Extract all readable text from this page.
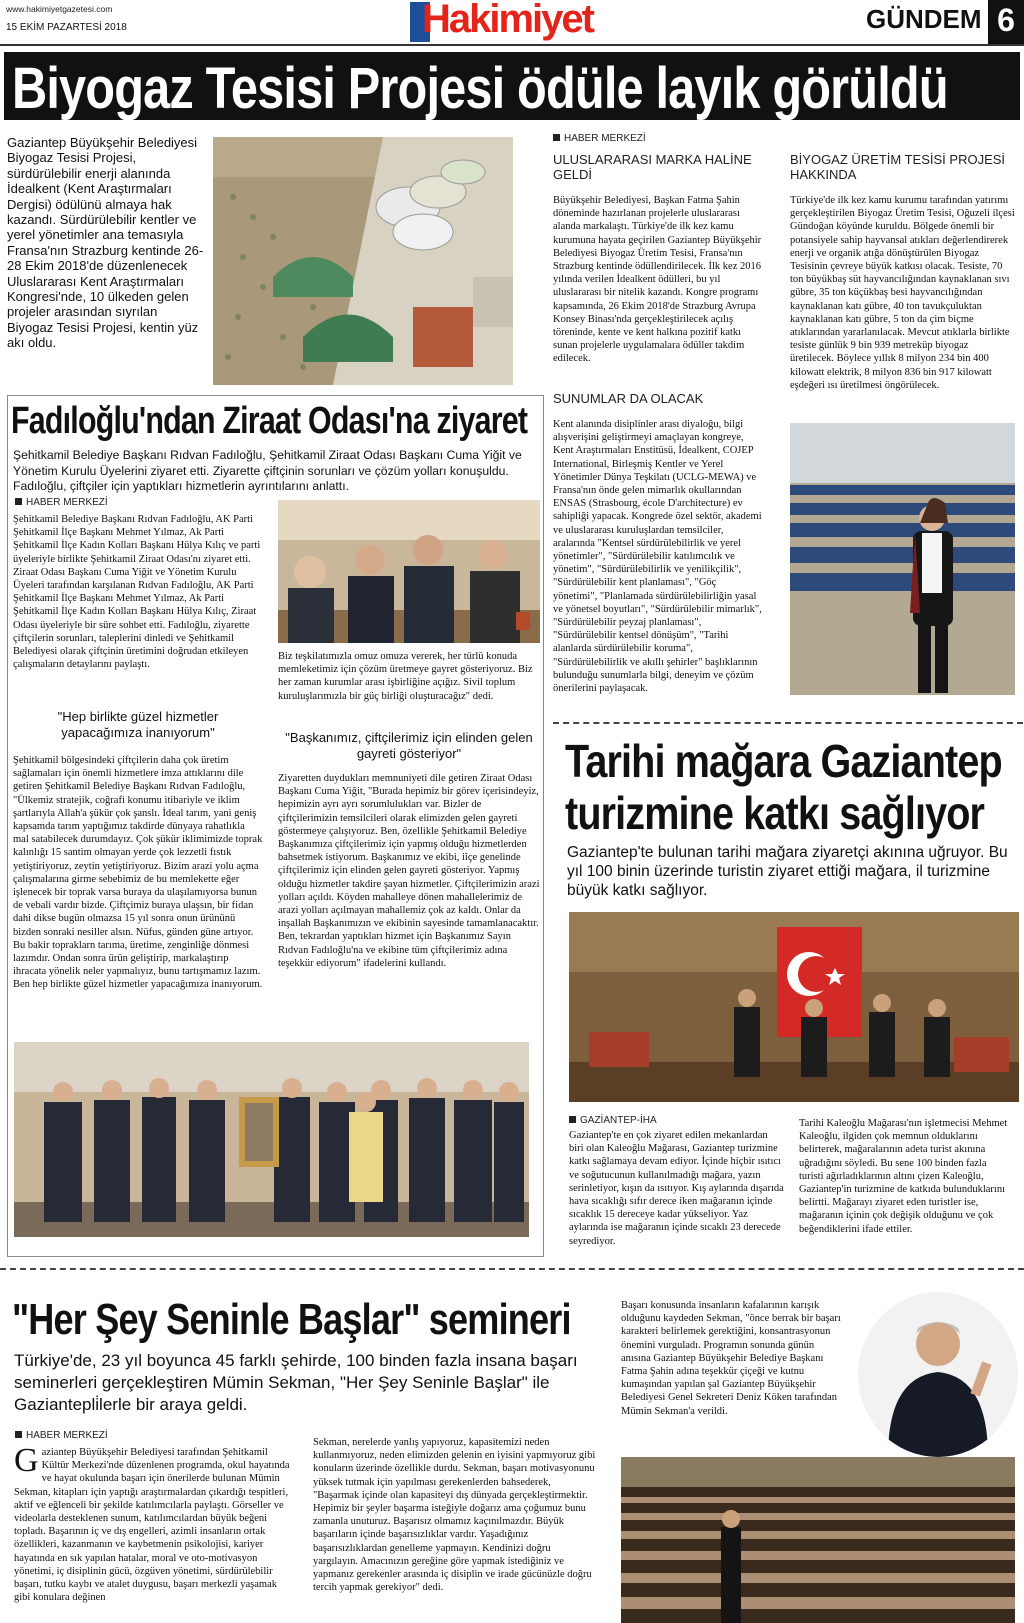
www.hakimiyetgazetesi.com
15 EKİM PAZARTESİ 2018	Hakimiyet	GÜNDEM 6
Biyogaz Tesisi Projesi ödüle layık görüldü
Gaziantep Büyükşehir Belediyesi Biyogaz Tesisi Projesi, sürdürülebilir enerji alanında İdealkent (Kent Araştırmaları Dergisi) ödülünü almaya hak kazandı. Sürdürülebilir kentler ve yerel yönetimler ana temasıyla Fransa'nın Strazburg kentinde 26-28 Ekim 2018'de düzenlenecek Uluslararası Kent Araştırmaları Kongresi'nde, 10 ülkeden gelen projeler arasından sıyrılan Biyogaz Tesisi Projesi, kentin yüz akı oldu.
HABER MERKEZİ
ULUSLARARASI MARKA HALİNE GELDİ
Büyükşehir Belediyesi, Başkan Fatma Şahin döneminde hazırlanan projelerle uluslararası alanda markalaştı. Türkiye'de ilk kez kamu kurumuna hayata geçirilen Gaziantep Büyükşehir Belediyesi Biyogaz Üretim Tesisi, Fransa'nın Strazburg kentinde ödüllendirilecek. İlk kez 2016 yılında verilen İdealkent ödülleri, bu yıl uluslararası bir nitelik kazandı. Kongre programı kapsamında, 26 Ekim 2018'de Strazburg Avrupa Konsey Binası'nda gerçekleştirilecek açılış töreninde, kente ve kent halkına pozitif katkı sunan projelerle uygulamalara ödüller takdim edilecek.
SUNUMLAR DA OLACAK
Kent alanında disiplinler arası diyaloğu, bilgi alışverişini geliştirmeyi amaçlayan kongreye, Kent Araştırmaları Enstitüsü, İdealkent, COJEP International, Birleşmiş Kentler ve Yerel Yönetimler Dünya Teşkilatı (UCLG-MEWA) ve Fransa'nın önde gelen mimarlık okullarından ENSAS (Strasbourg, école D'architecture) ev sahipliği yapacak. Kongrede özel sektör, akademi ve uluslararası kuruluşlardan temsilciler, aralarında "Kentsel sürdürülebilirlik ve yerel yönetimler", "Sürdürülebilir katılımcılık ve yönetim", "Sürdürülebilirlik ve yenilikçilik", "Sürdürülebilir kent planlaması", "Göç yönetimi", "Planlamada sürdürülebilirliğin yasal ve yönetsel boyutları", "Sürdürülebilir mimarlık", "Sürdürülebilir peyzaj planlaması", "Sürdürülebilir kentsel dönüşüm", "Tarihi alanlarda sürdürülebilir koruma", "Sürdürülebilirlik ve akıllı şehirler" başlıklarının bulunduğu sunumlarla bilgi, deneyim ve çözüm önerilerini paylaşacak.
BİYOGAZ ÜRETİM TESİSİ PROJESİ HAKKINDA
Türkiye'de ilk kez kamu kurumu tarafından yatırımı gerçekleştirilen Biyogaz Üretim Tesisi, Oğuzeli ilçesi Gündoğan köyünde kuruldu. Bölgede önemli bir potansiyele sahip hayvansal atıkları değerlendirerek enerji ve organik atığa dönüştürülen Biyogaz Tesisinin çevreye büyük katkısı olacak. Tesiste, 70 ton büyükbaş süt hayvancılığından kaynaklanan sıvı gübre, 35 ton küçükbaş besi hayvancılığından kaynaklanan katı gübre, 40 ton tavukçuluktan kaynaklanan katı gübre, 5 ton da çim biçme atıklarından yararlanılacak. Mevcut atıklarla birlikte tesiste günlük 9 bin 939 metreküp biyogaz üretilecek. Böylece yıllık 8 milyon 234 bin 400 kilowatt elektrik, 8 milyon 836 bin 917 kilowatt eşdeğeri ısı üretilmesi öngörülecek.
Fadıloğlu'ndan Ziraat Odası'na ziyaret
Şehitkamil Belediye Başkanı Rıdvan Fadıloğlu, Şehitkamil Ziraat Odası Başkanı Cuma Yiğit ve Yönetim Kurulu Üyelerini ziyaret etti. Ziyarette çiftçinin sorunları ve çözüm yolları konuşuldu. Fadıloğlu, çiftçiler için yaptıkları hizmetlerin ayrıntılarını anlattı.
HABER MERKEZİ
Şehitkamil Belediye Başkanı Rıdvan Fadıloğlu, AK Parti Şehitkamil İlçe Başkanı Mehmet Yılmaz, Ak Parti Şehitkamil İlçe Kadın Kolları Başkanı Hülya Kılıç ve parti üyeleriyle birlikte Şehitkamil Ziraat Odası'nı ziyaret etti. Ziraat Odası Başkanı Cuma Yiğit ve Yönetim Kurulu Üyeleri tarafından karşılanan Rıdvan Fadıloğlu, AK Parti Şehitkamil İlçe Başkanı Mehmet Yılmaz, Ak Parti Şehitkamil İlçe Kadın Kolları Başkanı Hülya Kılıç, Ziraat Odası üyeleriyle bir süre sohbet etti. Fadıloğlu, ziyarette çiftçilerin sorunları, taleplerini dinledi ve Şehitkamil Belediyesi olarak çiftçinin üretimini doğrudan etkileyen çalışmaların detaylarını paylaştı.
"Hep birlikte güzel hizmetler yapacağımıza inanıyorum"
Şehitkamil bölgesindeki çiftçilerin daha çok üretim sağlamaları için önemli hizmetlere imza attıklarını dile getiren Şehitkamil Belediye Başkanı Rıdvan Fadıloğlu, "Ülkemiz stratejik, coğrafi konumu itibariyle ve iklim şartlarıyla Allah'a şükür çok şanslı. İdeal tarım, yani geniş kapsamda tarım yaptığımız takdirde dünyaya rahatlıkla mal satabilecek durumdayız. Çok şükür iklimimizde toprak kalınlığı 15 santim olmayan yerde çok lezzetli fıstık yetiştiriyoruz, zeytin yetiştiriyoruz. Bizim arazi yolu açma çalışmalarına girme sebebimiz de bu memlekette eğer işlenecek bir toprak varsa buraya da ulaşılamıyorsa bunun de vebali vardır bizde. Çiftçimiz buraya ulaşsın, bir fidan dahi dikse bugün olmazsa 15 yıl sonra onun ürününü bizden sonraki nesiller alsın. Nüfus, günden güne artıyor. Bu bakir topraklarn tarıma, üretime, zenginliğe dönmesi lazımdır. Ondan sonra ürün geliştirip, markalaştırıp ihracata yönelik neler yapmalıyız, bunu tartışmamız lazım. Ben hep birlikte güzel hizmetler yapacağımıza inanıyorum.
Biz teşkilatımızla omuz omuza vererek, her türlü konuda memleketimiz için çözüm üretmeye gayret gösteriyoruz. Biz her zaman kurumlar arası işbirliğine açığız. Sivil toplum kuruluşlarımızla bir güç birliği oluşturacağız" dedi.
"Başkanımız, çiftçilerimiz için elinden gelen gayreti gösteriyor"
Ziyaretten duydukları memnuniyeti dile getiren Ziraat Odası Başkanı Cuma Yiğit, "Burada hepimiz bir görev içerisindeyiz, hepimizin ayrı ayrı sorumlulukları var. Bizler de çiftçilerimizin temsilcileri olarak elimizden gelen gayreti göstermeye çalışıyoruz. Ben, özellikle Şehitkamil Belediye Başkanımıza çiftçilerimiz için yapmış olduğu hizmetlerden bahsetmek istiyorum. Başkanımız ve ekibi, iîçe genelinde çiftçilerimiz için elinden gelen gayreti gösteriyor. Yapmış olduğu hizmetler takdire şayan hizmetler. Çiftçilerimizin arazi yolları açıldı. Köyden mahalleye dönen mahallelerimiz de arazi yolları açılmayan mahallemiz çok az kaldı. Onlar da inşallah Başkanımızın ve ekibinin sayesinde tamamlanacaktır. Ben, tekrardan yaptıkları hizmet için Başkanımız Sayın Rıdvan Fadıloğlu'na ve ekibine tüm çiftçilerimiz adına teşekkür ediyorum" ifadelerini kullandı.
Tarihi mağara Gaziantep
turizmine katkı sağlıyor
Gaziantep'te bulunan tarihi mağara ziyaretçi akınına uğruyor. Bu yıl 100 binin üzerinde turistin ziyaret ettiği mağara, il turizmine büyük katkı sağlıyor.
GAZİANTEP-İHA
Gaziantep'te en çok ziyaret edilen mekanlardan biri olan Kaleoğlu Mağarası, Gaziantep turizmine katkı sağlamaya devam ediyor. İçinde hiçbir ısıtıcı ve soğutucunun kullanılmadığı mağara, yazın serinletiyor, kışın da ısıtıyor. Kış aylarında dışarıda hava sıcaklığı sıfır derece iken mağaranın içinde sıcaklık 15 dereceye kadar yükseliyor. Yaz aylarında ise mağaranın içinde sıcaklı 23 derecede seyrediyor.
Tarihi Kaleoğlu Mağarası'nın işletmecisi Mehmet Kaleoğlu, ilgiden çok memnun olduklarını belirterek, mağaralarının adeta turist akınına uğradığını söyledi. Bu sene 100 binden fazla turisti ağırladıklarının altını çizen Kaleoğlu, Gaziantep'in turizmine de katkıda bulunduklarını belirtti. Mağarayı ziyaret eden turistler ise, mağaranın içinin çok değişik olduğunu ve çok beğendiklerini ifade ettiler.
"Her Şey Seninle Başlar" semineri
Türkiye'de, 23 yıl boyunca 45 farklı şehirde, 100 binden fazla insana başarı seminerleri gerçekleştiren Mümin Sekman, "Her Şey Seninle Başlar" ile Gaziantepli̇lerle bir araya geldi.
HABER MERKEZİ
G aziantep Büyükşehir Belediyesi tarafından Şehitkamil Kültür Merkezi'nde düzenlenen programda, okul hayatında ve hayat okulunda başarı için önerilerde bulunan Mümin Sekman, kitapları için yaptığı araştırmalardan çıkardığı tespitleri, aktif ve eğlenceli bir şekilde katılımcılarla paylaştı. Görseller ve videolarla desteklenen sunum, katılımcılardan büyük beğeni topladı. Başarının iç ve dış engelleri, azimli insanların ortak özellikleri, kazanmanın ve kaybetmenin psikolojisi, kariyer hayatında en sık yapılan hatalar, moral ve oto-motivasyon yönetimi, iç disiplinin gücü, özgüven yönetimi, sürdürülebilir başarı, tutku kaybı ve atalet duygusu, başarı merkezli yaşamak gibi konulara değinen
Sekman, nerelerde yanlış yapıyoruz, kapasitemizi neden kullanmıyoruz, neden elimizden gelenin en iyisini yapmıyoruz gibi konuların üzerinde özellikle durdu. Sekman, başarı motivasyonunu yüksek tutmak için yapılması gerekenlerden bahsederek, "Başarmak içinde olan kapasiteyi dış dünyada gerçekleştirmektir. Hepimiz bir şeyler başarma isteğiyle doğarız ama çoğumuz bunu zamanla unuturuz. Başarısız olmamız kaçınılmazdır. Büyük başarıların içinde başarısızlıklar vardır. Yaşadığınız başarısızlıklardan genelleme yapmayın. Kendinizi doğru yargılayın. Amacınızın gereğine göre yapmak istediğiniz ve yapmanız gerekenler arasında iç disiplin ve irade gücünüzle doğru tercih yapmak gerekiyor" dedi.
Başarı konusunda insanların kafalarının karışık olduğunu kaydeden Sekman, "önce berrak bir başarı karakteri belirlemek gerektiğini, konsantrasyonun önemini vurguladı. Programın sonunda günün anısına Gaziantep Büyükşehir Belediye Başkanı Fatma Şahin adına teşekkür çiçeği ve kutnu kumaşından yapılan şal Gaziantep Büyükşehir Belediyesi Genel Sekreteri Deniz Köken tarafından Mümin Sekman'a verildi.
